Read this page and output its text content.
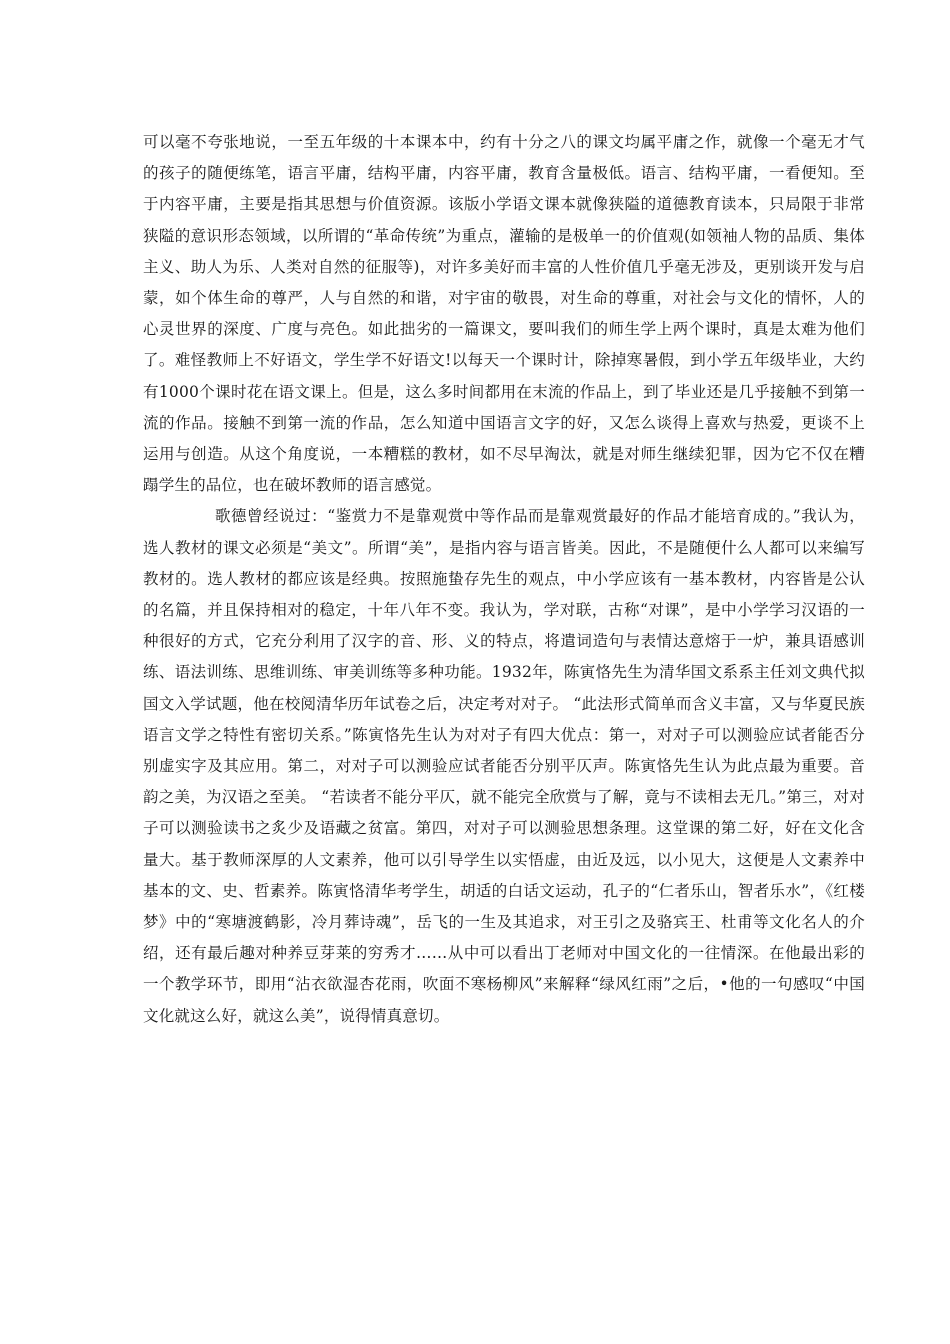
可以毫不夸张地说，一至五年级的十本课本中，约有十分之八的课文均属平庸之作，就像一个毫无才气的孩子的随便练笔，语言平庸，结构平庸，内容平庸，教育含量极低。语言、结构平庸，一看便知。至于内容平庸，主要是指其思想与价值资源。该版小学语文课本就像狭隘的道德教育读本，只局限于非常狭隘的意识形态领域，以所谓的“革命传统”为重点，灌输的是极单一的价值观(如领袖人物的品质、集体主义、助人为乐、人类对自然的征服等)，对许多美好而丰富的人性价值几乎毫无涉及，更别谈开发与启蒙，如个体生命的尊严，人与自然的和谐，对宇宙的敬畏，对生命的尊重，对社会与文化的情怀，人的心灵世界的深度、广度与亮色。如此拙劣的一篇课文，要叫我们的师生学上两个课时，真是太难为他们了。难怪教师上不好语文，学生学不好语文!以每天一个课时计，除掉寒暑假，到小学五年级毕业，大约有1000个课时花在语文课上。但是，这么多时间都用在末流的作品上，到了毕业还是几乎接触不到第一流的作品。接触不到第一流的作品，怎么知道中国语言文字的好，又怎么谈得上喜欢与热爱，更谈不上运用与创造。从这个角度说，一本糟糕的教材，如不尽早淘汰，就是对师生继续犯罪，因为它不仅在糟蹋学生的品位，也在破坏教师的语言感觉。

歌德曾经说过：“鉴赏力不是靠观赏中等作品而是靠观赏最好的作品才能培育成的。”我认为，选人教材的课文必须是“美文”。所谓“美”，是指内容与语言皆美。因此，不是随便什么人都可以来编写教材的。选人教材的都应该是经典。按照施蛰存先生的观点，中小学应该有一基本教材，内容皆是公认的名篇，并且保持相对的稳定，十年八年不变。我认为，学对联，古称“对课”，是中小学学习汉语的一种很好的方式，它充分利用了汉字的音、形、义的特点，将遣词造句与表情达意熔于一炉，兼具语感训练、语法训练、思维训练、审美训练等多种功能。1932年，陈寅恪先生为清华国文系系主任刘文典代拟国文入学试题，他在校阅清华历年试卷之后，决定考对对子。 “此法形式简单而含义丰富，又与华夏民族语言文学之特性有密切关系。”陈寅恪先生认为对对子有四大优点：第一，对对子可以测验应试者能否分别虚实字及其应用。第二，对对子可以测验应试者能否分别平仄声。陈寅恪先生认为此点最为重要。音韵之美，为汉语之至美。 “若读者不能分平仄，就不能完全欣赏与了解，竟与不读相去无几。”第三，对对子可以测验读书之炙少及语藏之贫富。第四，对对子可以测验思想条理。这堂课的第二好，好在文化含量大。基于教师深厚的人文素养，他可以引导学生以实悟虚，由近及远，以小见大，这便是人文素养中基本的文、史、哲素养。陈寅恪清华考学生，胡适的白话文运动，孔子的“仁者乐山，智者乐水”，《红楼梦》中的“寒塘渡鹤影，冷月葬诗魂”，岳飞的一生及其追求，对王引之及骆宾王、杜甫等文化名人的介绍，还有最后趣对种养豆芽莱的穷秀才……从中可以看出丁老师对中国文化的一往情深。在他最出彩的一个教学环节，即用“沾衣欲湿杏花雨，吹面不寒杨柳风”来解释“绿风红雨”之后，•他的一句感叹“中国文化就这么好，就这么美”，说得情真意切。
